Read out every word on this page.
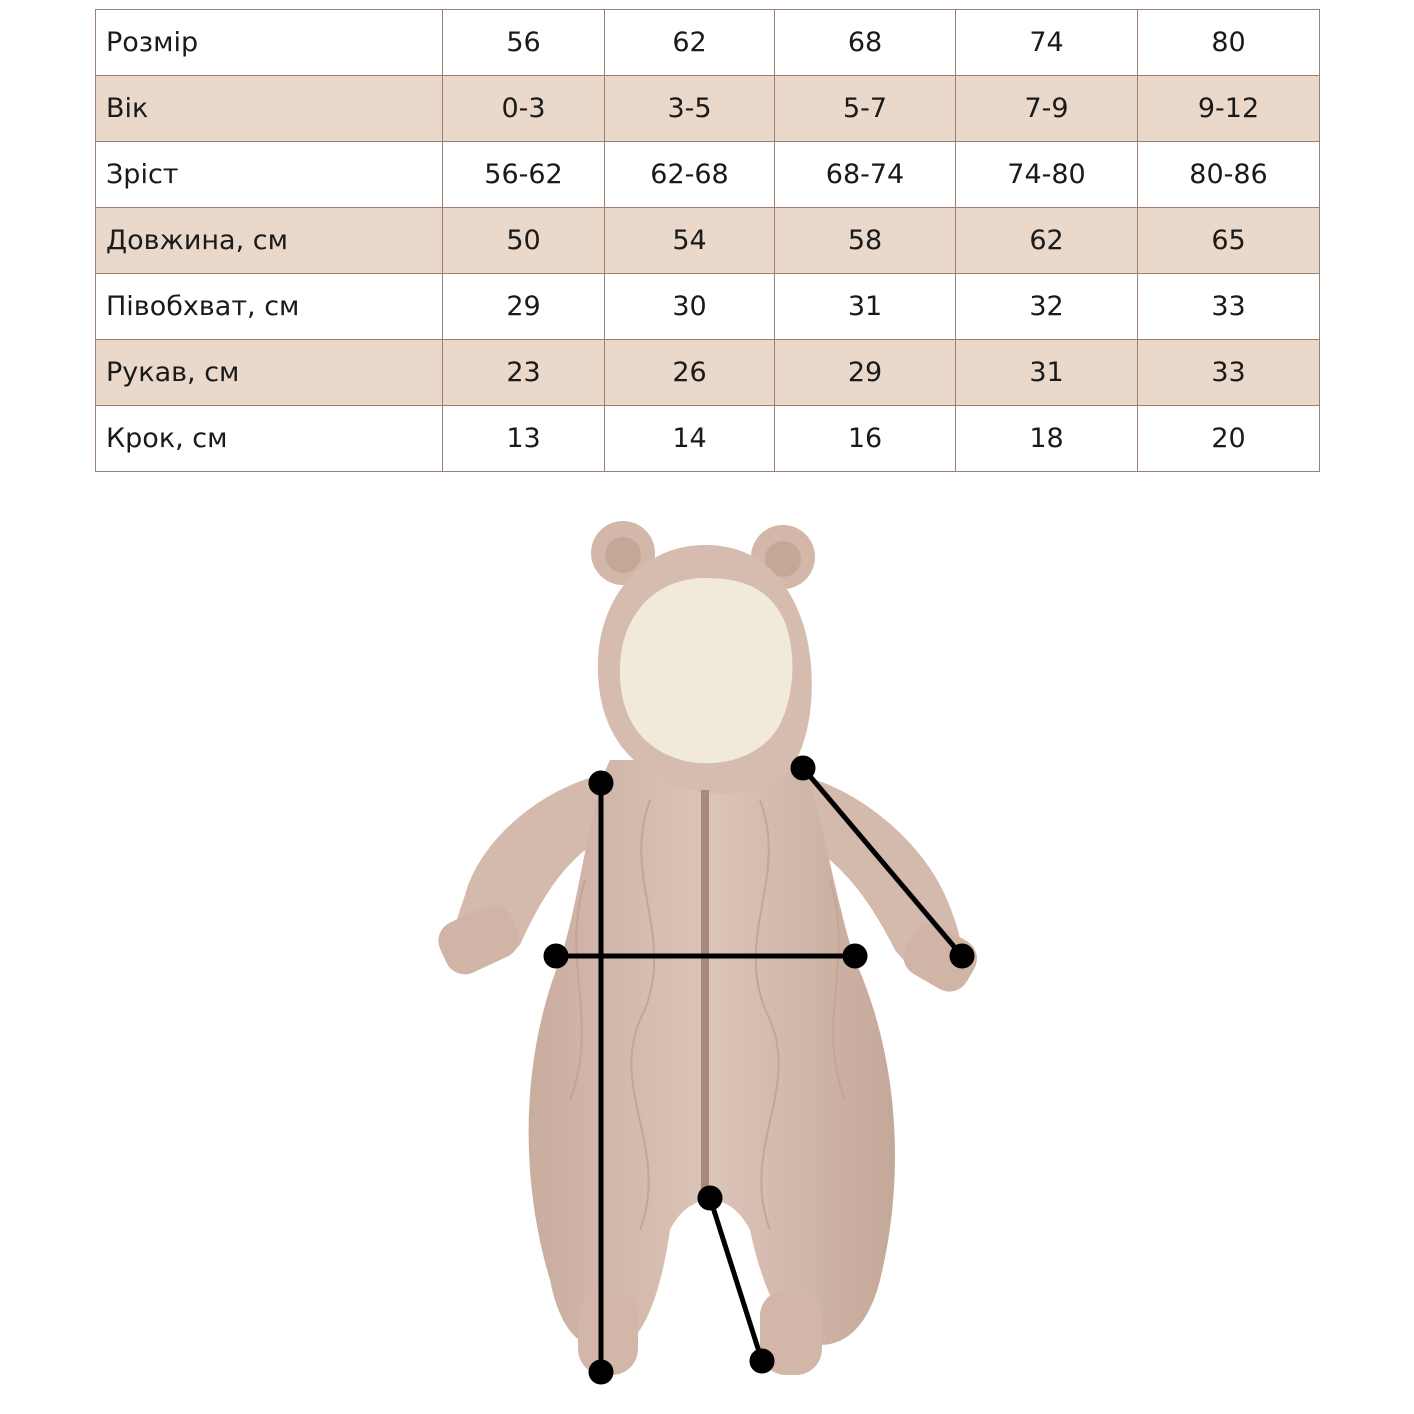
Розмір	56	62	68	74	80
Вік	0-3	3-5	5-7	7-9	9-12
Зріст	56-62	62-68	68-74	74-80	80-86
Довжина, см	50	54	58	62	65
Півобхват, см	29	30	31	32	33
Рукав, см	23	26	29	31	33
Крок, см	13	14	16	18	20
